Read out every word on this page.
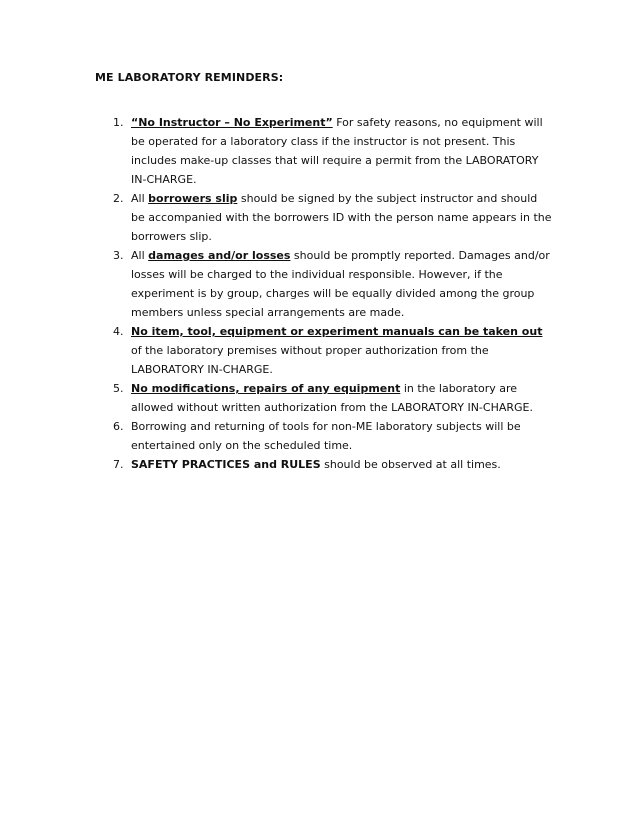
ME LABORATORY REMINDERS:
1. “No Instructor – No Experiment” For safety reasons, no equipment will be operated for a laboratory class if the instructor is not present. This includes make-up classes that will require a permit from the LABORATORY IN-CHARGE.
2. All borrowers slip should be signed by the subject instructor and should be accompanied with the borrowers ID with the person name appears in the borrowers slip.
3. All damages and/or losses should be promptly reported. Damages and/or losses will be charged to the individual responsible. However, if the experiment is by group, charges will be equally divided among the group members unless special arrangements are made.
4. No item, tool, equipment or experiment manuals can be taken out of the laboratory premises without proper authorization from the LABORATORY IN-CHARGE.
5. No modifications, repairs of any equipment in the laboratory are allowed without written authorization from the LABORATORY IN-CHARGE.
6. Borrowing and returning of tools for non-ME laboratory subjects will be entertained only on the scheduled time.
7. SAFETY PRACTICES and RULES should be observed at all times.
